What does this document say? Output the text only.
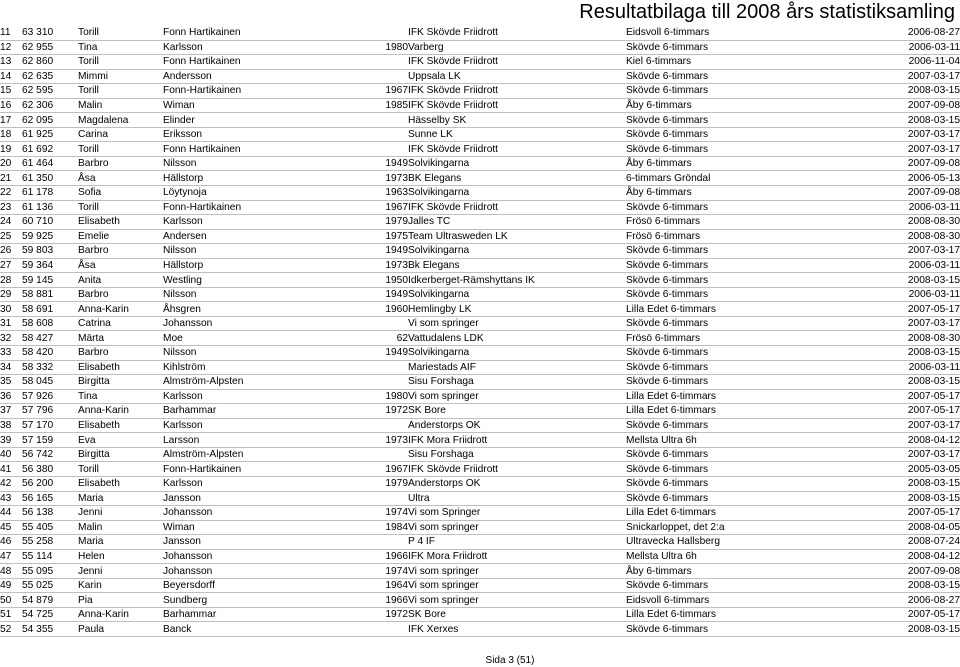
Resultatbilaga till 2008 års statistiksamling
11	63 310	Torill	Fonn Hartikainen			IFK Skövde Friidrott	Eidsvoll 6-timmars	2006-08-27
12	62 955	Tina	Karlsson		1980	Varberg	Skövde 6-timmars	2006-03-11
13	62 860	Torill	Fonn Hartikainen			IFK Skövde Friidrott	Kiel 6-timmars	2006-11-04
14	62 635	Mimmi	Andersson			Uppsala LK	Skövde 6-timmars	2007-03-17
15	62 595	Torill	Fonn-Hartikainen		1967	IFK Skövde Friidrott	Skövde 6-timmars	2008-03-15
16	62 306	Malin	Wiman		1985	IFK Skövde Friidrott	Åby 6-timmars	2007-09-08
17	62 095	Magdalena	Elinder			Hässelby SK	Skövde 6-timmars	2008-03-15
18	61 925	Carina	Eriksson			Sunne LK	Skövde 6-timmars	2007-03-17
19	61 692	Torill	Fonn Hartikainen			IFK Skövde Friidrott	Skövde 6-timmars	2007-03-17
20	61 464	Barbro	Nilsson		1949	Solvikingarna	Åby 6-timmars	2007-09-08
21	61 350	Åsa	Hällstorp		1973	BK Elegans	6-timmars Gröndal	2006-05-13
22	61 178	Sofia	Löytynoja		1963	Solvikingarna	Åby 6-timmars	2007-09-08
23	61 136	Torill	Fonn-Hartikainen		1967	IFK Skövde Friidrott	Skövde 6-timmars	2006-03-11
24	60 710	Elisabeth	Karlsson		1979	Jalles TC	Frösö 6-timmars	2008-08-30
25	59 925	Emelie	Andersen		1975	Team Ultrasweden LK	Frösö 6-timmars	2008-08-30
26	59 803	Barbro	Nilsson		1949	Solvikingarna	Skövde 6-timmars	2007-03-17
27	59 364	Åsa	Hällstorp		1973	Bk Elegans	Skövde 6-timmars	2006-03-11
28	59 145	Anita	Westling		1950	Idkerberget-Rämshyttans IK	Skövde 6-timmars	2008-03-15
29	58 881	Barbro	Nilsson		1949	Solvikingarna	Skövde 6-timmars	2006-03-11
30	58 691	Anna-Karin	Åhsgren		1960	Hemlingby LK	Lilla Edet 6-timmars	2007-05-17
31	58 608	Catrina	Johansson			Vi som springer	Skövde 6-timmars	2007-03-17
32	58 427	Märta	Moe		62	Vattudalens LDK	Frösö 6-timmars	2008-08-30
33	58 420	Barbro	Nilsson		1949	Solvikingarna	Skövde 6-timmars	2008-03-15
34	58 332	Elisabeth	Kihlström			Mariestads AIF	Skövde 6-timmars	2006-03-11
35	58 045	Birgitta	Almström-Alpsten			Sisu Forshaga	Skövde 6-timmars	2008-03-15
36	57 926	Tina	Karlsson		1980	Vi som springer	Lilla Edet 6-timmars	2007-05-17
37	57 796	Anna-Karin	Barhammar		1972	SK Bore	Lilla Edet 6-timmars	2007-05-17
38	57 170	Elisabeth	Karlsson			Anderstorps OK	Skövde 6-timmars	2007-03-17
39	57 159	Eva	Larsson		1973	IFK Mora Friidrott	Mellsta Ultra 6h	2008-04-12
40	56 742	Birgitta	Almström-Alpsten			Sisu Forshaga	Skövde 6-timmars	2007-03-17
41	56 380	Torill	Fonn-Hartikainen		1967	IFK Skövde Friidrott	Skövde 6-timmars	2005-03-05
42	56 200	Elisabeth	Karlsson		1979	Anderstorps OK	Skövde 6-timmars	2008-03-15
43	56 165	Maria	Jansson			Ultra	Skövde 6-timmars	2008-03-15
44	56 138	Jenni	Johansson		1974	Vi som Springer	Lilla Edet 6-timmars	2007-05-17
45	55 405	Malin	Wiman		1984	Vi som springer	Snickarloppet, det 2:a	2008-04-05
46	55 258	Maria	Jansson			P 4 IF	Ultravecka Hallsberg	2008-07-24
47	55 114	Helen	Johansson		1966	IFK Mora Friidrott	Mellsta Ultra 6h	2008-04-12
48	55 095	Jenni	Johansson		1974	Vi som springer	Åby 6-timmars	2007-09-08
49	55 025	Karin	Beyersdorff		1964	Vi som springer	Skövde 6-timmars	2008-03-15
50	54 879	Pia	Sundberg		1966	Vi som springer	Eidsvoll 6-timmars	2006-08-27
51	54 725	Anna-Karin	Barhammar		1972	SK Bore	Lilla Edet 6-timmars	2007-05-17
52	54 355	Paula	Banck			IFK Xerxes	Skövde 6-timmars	2008-03-15
Sida 3 (51)
